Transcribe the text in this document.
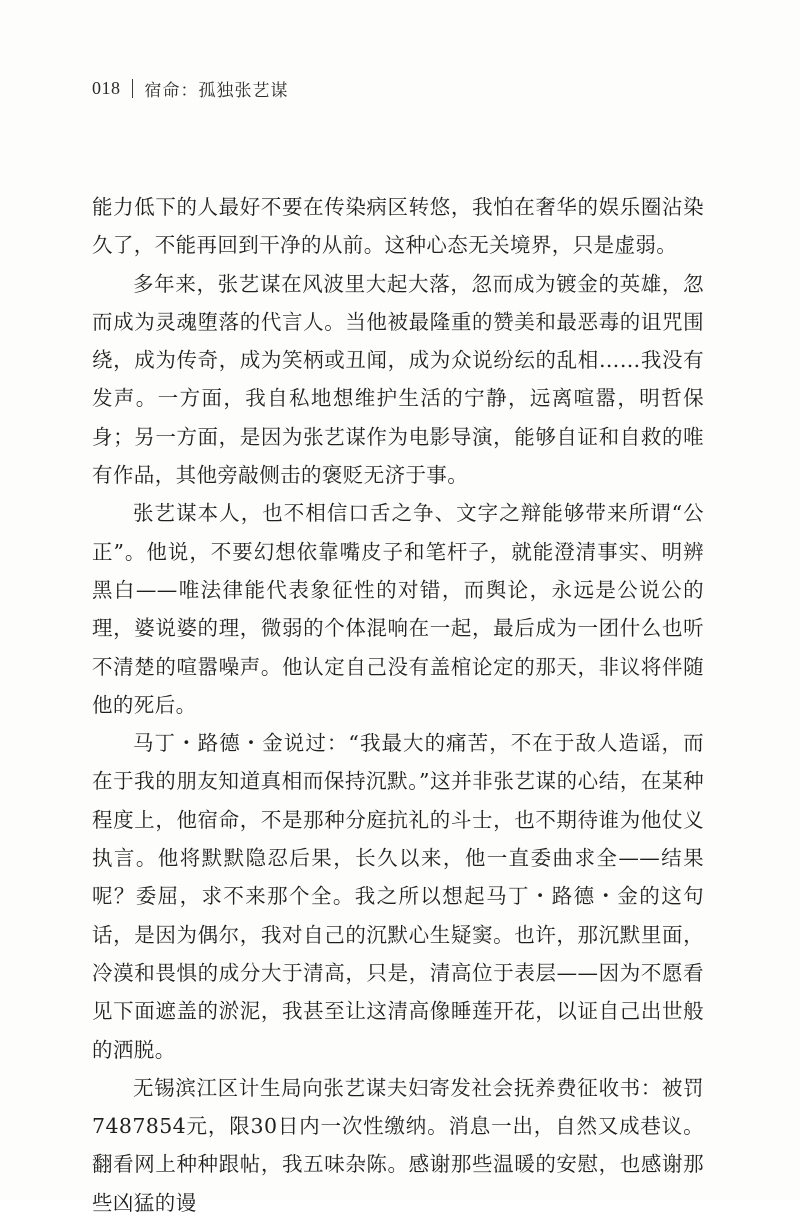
018 宿命：孤独张艺谋

能力低下的人最好不要在传染病区转悠，我怕在奢华的娱乐圈沾染久了，不能再回到干净的从前。这种心态无关境界，只是虚弱。

多年来，张艺谋在风波里大起大落，忽而成为镀金的英雄，忽而成为灵魂堕落的代言人。当他被最隆重的赞美和最恶毒的诅咒围绕，成为传奇，成为笑柄或丑闻，成为众说纷纭的乱相……我没有发声。一方面，我自私地想维护生活的宁静，远离喧嚣，明哲保身；另一方面，是因为张艺谋作为电影导演，能够自证和自救的唯有作品，其他旁敲侧击的褒贬无济于事。

张艺谋本人，也不相信口舌之争、文字之辩能够带来所谓“公正”。他说，不要幻想依靠嘴皮子和笔杆子，就能澄清事实、明辨黑白——唯法律能代表象征性的对错，而舆论，永远是公说公的理，婆说婆的理，微弱的个体混响在一起，最后成为一团什么也听不清楚的喧嚣噪声。他认定自己没有盖棺论定的那天，非议将伴随他的死后。

马丁・路德・金说过：“我最大的痛苦，不在于敌人造谣，而在于我的朋友知道真相而保持沉默。”这并非张艺谋的心结，在某种程度上，他宿命，不是那种分庭抗礼的斗士，也不期待谁为他仗义执言。他将默默隐忍后果，长久以来，他一直委曲求全——结果呢？委屈，求不来那个全。我之所以想起马丁・路德・金的这句话，是因为偶尔，我对自己的沉默心生疑窦。也许，那沉默里面，冷漠和畏惧的成分大于清高，只是，清高位于表层——因为不愿看见下面遮盖的淤泥，我甚至让这清高像睡莲开花，以证自己出世般的洒脱。

无锡滨江区计生局向张艺谋夫妇寄发社会抚养费征收书：被罚7487854元，限30日内一次性缴纳。消息一出，自然又成巷议。翻看网上种种跟帖，我五味杂陈。感谢那些温暖的安慰，也感谢那些凶猛的谩
